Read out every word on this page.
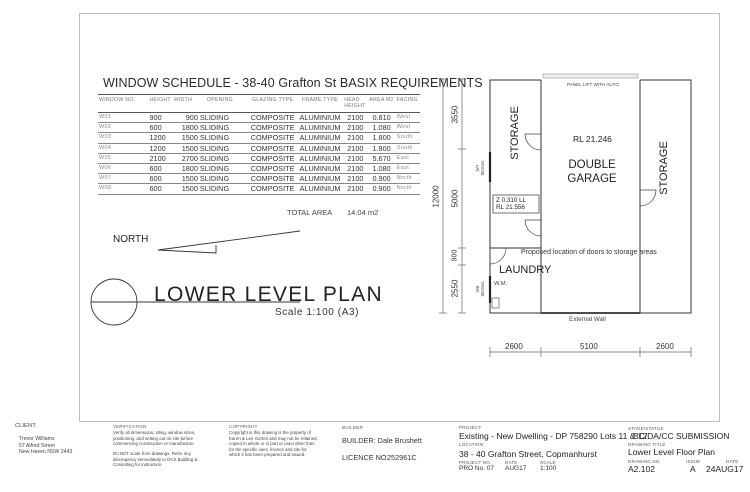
WINDOW SCHEDULE - 38-40 Grafton St BASIX REQUIREMENTS
WINDOW NO.	HEIGHT	WIDTH	OPENING	GLAZING TYPE	FRAME TYPE	HEAD HEIGHT	AREA M2	FACING
W01	900	900	SLIDING	COMPOSITE	ALUMINIUM	2100	0.810	West
W02	600	1800	SLIDING	COMPOSITE	ALUMINIUM	2100	1.080	West
W03	1200	1500	SLIDING	COMPOSITE	ALUMINIUM	2100	1.800	South
W04	1200	1500	SLIDING	COMPOSITE	ALUMINIUM	2100	1.800	South
W05	2100	2700	SLIDING	COMPOSITE	ALUMINIUM	2100	5.670	East
W06	600	1800	SLIDING	COMPOSITE	ALUMINIUM	2100	1.080	East
W07	600	1500	SLIDING	COMPOSITE	ALUMINIUM	2100	0.900	North
W08	600	1500	SLIDING	COMPOSITE	ALUMINIUM	2100	0.900	North
TOTAL AREA 14.04 m2
NORTH
LOWER LEVEL PLAN
Scale 1:100 (A3)
PANEL LIFT WITH AUTO
STORAGE	RL 21.246
DOUBLE
GARAGE	STORAGE
Z 0.310 LL
RL 21.556
Proposed location of doors to storage areas
LAUNDRY
W.M.
External Wall
W7 0615ss
W8 0615ss
3550
5000
900
2550
12000
2600	5100	2600
CLIENT:
Trevor Williams
57 Alfred Street
New Haven NSW 2443
VERIFICATION
Verify all dimensions, siting, window sizes, positioning, and setting out on site before commencing construction or manufacture.
Do NOT scale from drawings. Refer any discrepancy immediately to DCS Building & Consulting for instruction.
COPYRIGHT
Copyright in this drawing is the property of Karen & Lee Gorton and may not be retained, copied in whole or in part or used other than for the specific uses, licence and site for which it has been prepared and issued.
BUILDER
BUILDER: Dale Brushett
LICENCE NO.
252961C
PROJECT
Existing - New Dwelling - DP 758290 Lots 11 & 12
LOCATION
38 - 40 Grafton Street, Copmanhurst
PROJECT NO.
PRO No. 07
DATE
AUG17
SCALE
1:100
STAGE/STATUS
BC/DA/CC SUBMISSION
DRAWING TITLE
Lower Level Floor Plan
DRAWING NO.
A2.102
ISSUE
A
DATE
24AUG17
